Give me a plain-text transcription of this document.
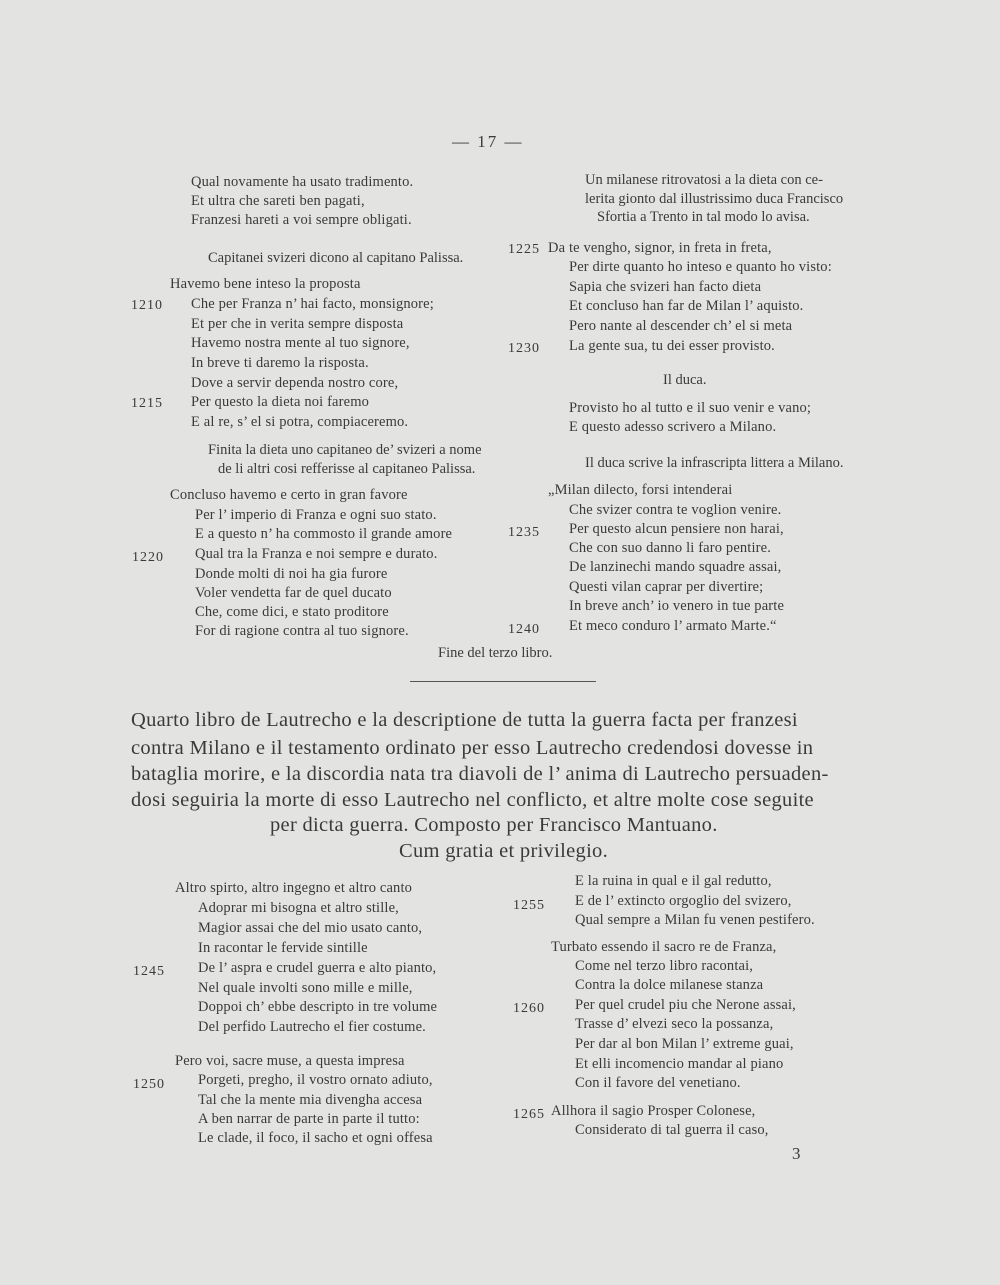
— 17 —
Qual novamente ha usato tradimento.
Et ultra che sareti ben pagati,
Franzesi hareti a voi sempre obligati.
Capitanei svizeri dicono al capitano Palissa.
Havemo bene inteso la proposta
Che per Franza n’ hai facto, monsignore;
Et per che in verita sempre disposta
Havemo nostra mente al tuo signore,
In breve ti daremo la risposta.
Dove a servir dependa nostro core,
Per questo la dieta noi faremo
E al re, s’ el si potra, compiaceremo.
1210
1215
Finita la dieta uno capitaneo de’ svizeri a nome
de li altri cosi refferisse al capitaneo Palissa.
Concluso havemo e certo in gran favore
Per l’ imperio di Franza e ogni suo stato.
E a questo n’ ha commosto il grande amore
Qual tra la Franza e noi sempre e durato.
Donde molti di noi ha gia furore
Voler vendetta far de quel ducato
Che, come dici, e stato proditore
For di ragione contra al tuo signore.
1220
Un milanese ritrovatosi a la dieta con ce-
lerita gionto dal illustrissimo duca Francisco
Sfortia a Trento in tal modo lo avisa.
1225 Da te vengho, signor, in freta in freta,
Per dirte quanto ho inteso e quanto ho visto:
Sapia che svizeri han facto dieta
Et concluso han far de Milan l’ aquisto.
Pero nante al descender ch’ el si meta
La gente sua, tu dei esser provisto.
1230
Il duca.
Provisto ho al tutto e il suo venir e vano;
E questo adesso scrivero a Milano.
Il duca scrive la infrascripta littera a Milano.
„Milan dilecto, forsi intenderai
Che svizer contra te voglion venire.
Per questo alcun pensiere non harai,
Che con suo danno li faro pentire.
De lanzinechi mando squadre assai,
Questi vilan caprar per divertire;
In breve anch’ io venero in tue parte
Et meco conduro l’ armato Marte.“
1235
1240
Fine del terzo libro.
Quarto libro de Lautrecho e la descriptione de tutta la guerra facta per franzesi
contra Milano e il testamento ordinato per esso Lautrecho credendosi dovesse in
bataglia morire, e la discordia nata tra diavoli de l’ anima di Lautrecho persuaden-
dosi seguiria la morte di esso Lautrecho nel conflicto, et altre molte cose seguite
per dicta guerra. Composto per Francisco Mantuano.
Cum gratia et privilegio.
Altro spirto, altro ingegno et altro canto
Adoprar mi bisogna et altro stille,
Magior assai che del mio usato canto,
In racontar le fervide sintille
De l’ aspra e crudel guerra e alto pianto,
Nel quale involti sono mille e mille,
Doppoi ch’ ebbe descripto in tre volume
Del perfido Lautrecho el fier costume.
1245
Pero voi, sacre muse, a questa impresa
Porgeti, pregho, il vostro ornato adiuto,
Tal che la mente mia divengha accesa
A ben narrar de parte in parte il tutto:
Le clade, il foco, il sacho et ogni offesa
1250
E la ruina in qual e il gal redutto,
E de l’ extincto orgoglio del svizero,
Qual sempre a Milan fu venen pestifero.
1255
Turbato essendo il sacro re de Franza,
Come nel terzo libro racontai,
Contra la dolce milanese stanza
Per quel crudel piu che Nerone assai,
Trasse d’ elvezi seco la possanza,
Per dar al bon Milan l’ extreme guai,
Et elli incomencio mandar al piano
Con il favore del venetiano.
1260
Allhora il sagio Prosper Colonese,
Considerato di tal guerra il caso,
1265
3
